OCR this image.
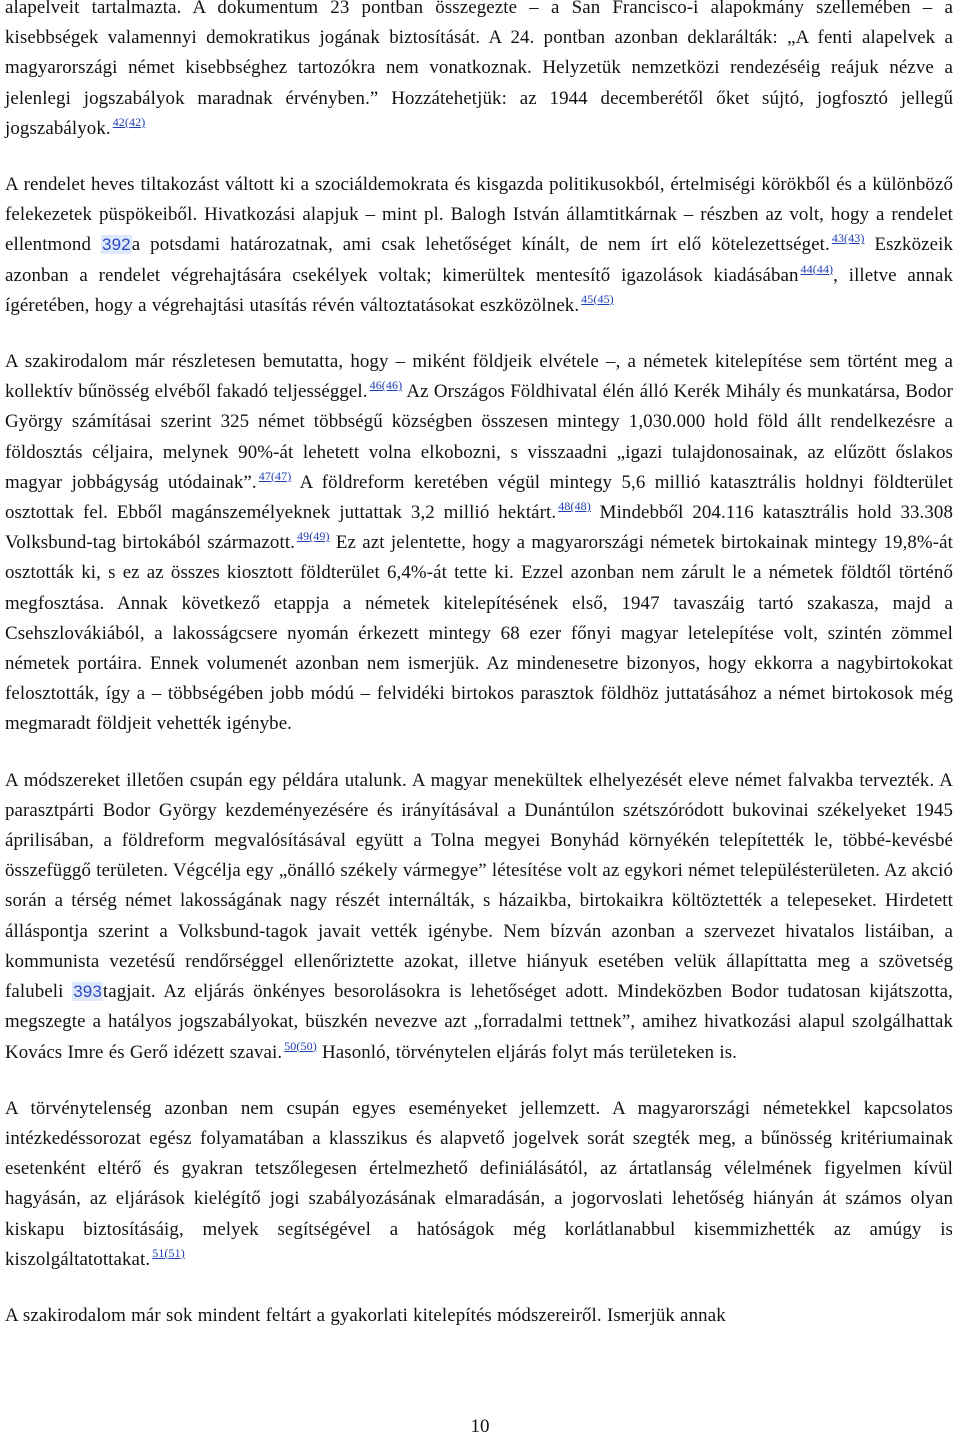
alapelveit tartalmazta. A dokumentum 23 pontban összegezte – a San Francisco-i alapokmány szellemében – a kisebbségek valamennyi demokratikus jogának biztosítását. A 24. pontban azonban deklarálták: „A fenti alapelvek a magyarországi német kisebbséghez tartozókra nem vonatkoznak. Helyzetük nemzetközi rendezéséig reájuk nézve a jelenlegi jogszabályok maradnak érvényben.” Hozzátehetjük: az 1944 decemberétől őket sújtó, jogfosztó jellegű jogszabályok. $^{42(42)}$

A rendelet heves tiltakozást váltott ki a szociáldemokrata és kisgazda politikusokból, értelmiségi körökből és a különböző felekezetek püspökeiből. Hivatkozási alapjuk – mint pl. Balogh István államtitkárnak – részben az volt, hogy a rendelet ellentmond 392a potsdami határozatnak, ami csak lehetőséget kínált, de nem írt elő kötelezettséget. $^{43(43)}$ Eszközeik azonban a rendelet végrehajtására csekélyek voltak; kimerültek mentesítő igazolások kiadásában $^{44(44)}$, illetve annak ígéretében, hogy a végrehajtási utasítás révén változtatásokat eszközölnek. $^{45(45)}$

A szakirodalom már részletesen bemutatta, hogy – miként földjeik elvétele –, a németek kitelepítése sem történt meg a kollektív bűnösség elvéből fakadó teljességgel. $^{46(46)}$ Az Országos Földhivatal élén álló Kerék Mihály és munkatársa, Bodor György számításai szerint 325 német többségű községben összesen mintegy 1,030.000 hold föld állt rendelkezésre a földosztás céljaira, melynek 90%-át lehetett volna elkobozni, s visszaadni „igazi tulajdonosainak, az elűzött őslakos magyar jobbágyság utódainak”. $^{47(47)}$ A földreform keretében végül mintegy 5,6 millió katasztrális holdnyi földterület osztottak fel. Ebből magánszemélyeknek juttattak 3,2 millió hektárt. $^{48(48)}$ Mindebből 204.116 katasztrális hold 33.308 Volksbund-tag birtokából származott. $^{49(49)}$ Ez azt jelentette, hogy a magyarországi németek birtokainak mintegy 19,8%-át osztották ki, s ez az összes kiosztott földterület 6,4%-át tette ki. Ezzel azonban nem zárult le a németek földtől történő megfosztása. Annak következő etappja a németek kitelepítésének első, 1947 tavaszáig tartó szakasza, majd a Csehszlovákiából, a lakosságcsere nyomán érkezett mintegy 68 ezer főnyi magyar letelepítése volt, szintén zömmel németek portáira. Ennek volumenét azonban nem ismerjük. Az mindenesetre bizonyos, hogy ekkorra a nagybirtokokat felosztották, így a – többségében jobb módú – felvidéki birtokos parasztok földhöz juttatásához a német birtokosok még megmaradt földjeit vehették igénybe.

A módszereket illetően csupán egy példára utalunk. A magyar menekültek elhelyezését eleve német falvakba tervezték. A parasztpárti Bodor György kezdeményezésére és irányításával a Dunántúlon szétszóródott bukovinai székelyeket 1945 áprilisában, a földreform megvalósításával együtt a Tolna megyei Bonyhád környékén telepítették le, többé-kevésbé összefüggő területen. Végcélja egy „önálló székely vármegye” létesítése volt az egykori német településterületen. Az akció során a térség német lakosságának nagy részét internálták, s házaikba, birtokaikra költöztették a telepeseket. Hirdetett álláspontja szerint a Volksbund-tagok javait vették igénybe. Nem bízván azonban a szervezet hivatalos listáiban, a kommunista vezetésű rendőrséggel ellenőriztette azokat, illetve hiányuk esetében velük állapíttatta meg a szövetség falubeli 393tagjait. Az eljárás önkényes besorolásokra is lehetőséget adott. Mindeközben Bodor tudatosan kijátszotta, megszegte a hatályos jogszabályokat, büszkén nevezve azt „forradalmi tettnek”, amihez hivatkozási alapul szolgálhattak Kovács Imre és Gerő idézett szavai. $^{50(50)}$ Hasonló, törvénytelen eljárás folyt más területeken is.

A törvénytelenség azonban nem csupán egyes eseményeket jellemzett. A magyarországi németekkel kapcsolatos intézkedéssorozat egész folyamatában a klasszikus és alapvető jogelvek sorát szegték meg, a bűnösség kritériumainak esetenként eltérő és gyakran tetszőlegesen értelmezhető definiálásától, az ártatlanság vélelmének figyelmen kívül hagyásán, az eljárások kielégítő jogi szabályozásának elmaradásán, a jogorvoslati lehetőség hiányán át számos olyan kiskapu biztosításáig, melyek segítségével a hatóságok még korlátlanabbul kisemmizhették az amúgy is kiszolgáltatottakat. $^{51(51)}$

A szakirodalom már sok mindent feltárt a gyakorlati kitelepítés módszereiről. Ismerjük annak

10
